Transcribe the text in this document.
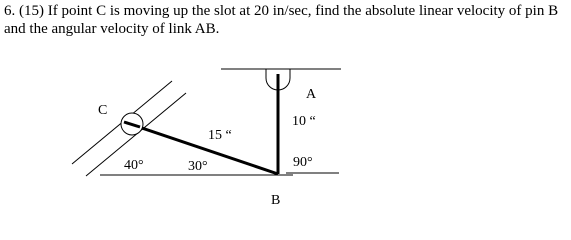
6. (15) If point C is moving up the slot at 20 in/sec, find the absolute linear velocity of pin B and the angular velocity of link AB.

C
A
B
15 “
10 “
40°	30°	90°
